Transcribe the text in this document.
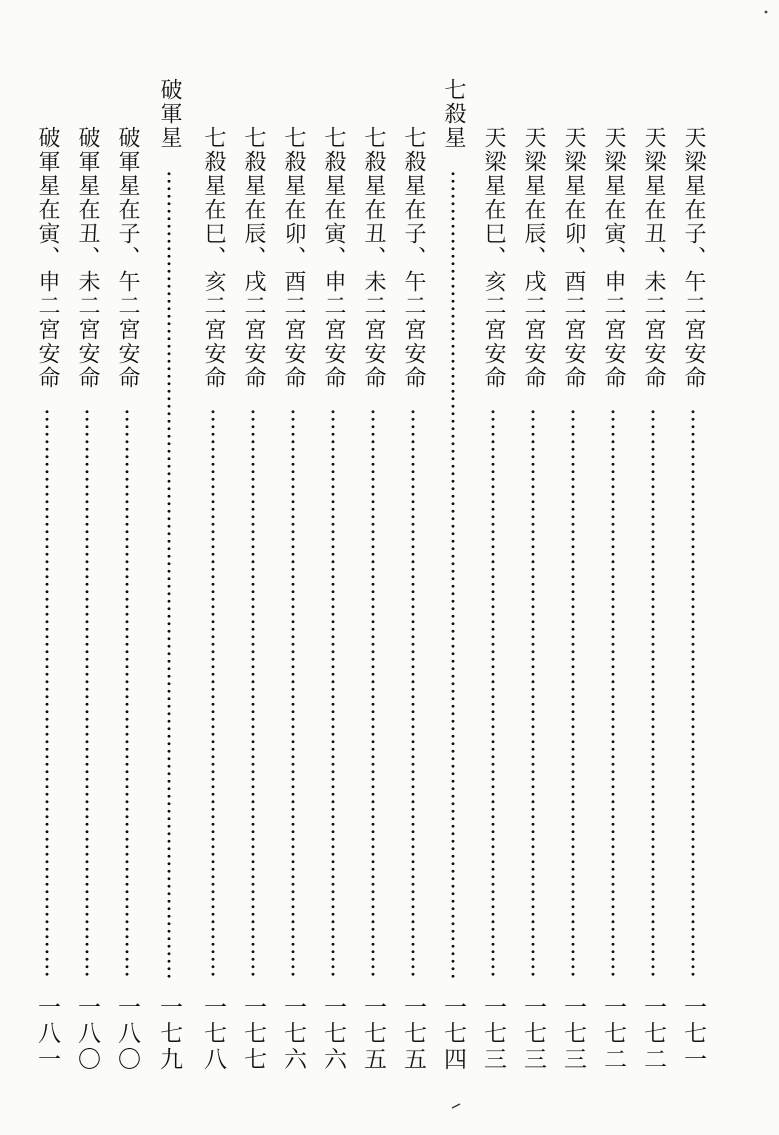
天梁星在子、午二宮安命
一七一
天梁星在丑、未二宮安命
一七二
天梁星在寅、申二宮安命
一七二
天梁星在卯、酉二宮安命
一七三
天梁星在辰、戌二宮安命
一七三
天梁星在巳、亥二宮安命
一七三
七殺星
一七四
七殺星在子、午二宮安命
一七五
七殺星在丑、未二宮安命
一七五
七殺星在寅、申二宮安命
一七六
七殺星在卯、酉二宮安命
一七六
七殺星在辰、戌二宮安命
一七七
七殺星在巳、亥二宮安命
一七八
破軍星
一七九
破軍星在子、午二宮安命
一八〇
破軍星在丑、未二宮安命
一八〇
破軍星在寅、申二宮安命
一八一
